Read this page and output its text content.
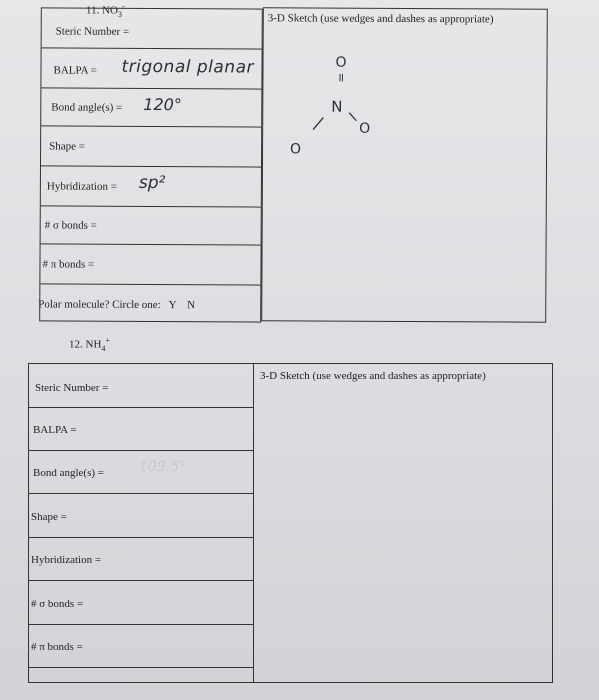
11. $NO_3^-$
Steric Number =
BALPA = trigonal planar
Bond angle(s) = 120°
Shape =
Hybridization = sp²
# σ bonds =
# π bonds =
Polar molecule? Circle one:   Y    N
3-D Sketch (use wedges and dashes as appropriate)
O
=
N
O
O
12. $NH_4^+$
Steric Number =
BALPA =
Bond angle(s) =	109.5°
Shape =
Hybridization =
# σ bonds =
# π bonds =
3-D Sketch (use wedges and dashes as appropriate)
